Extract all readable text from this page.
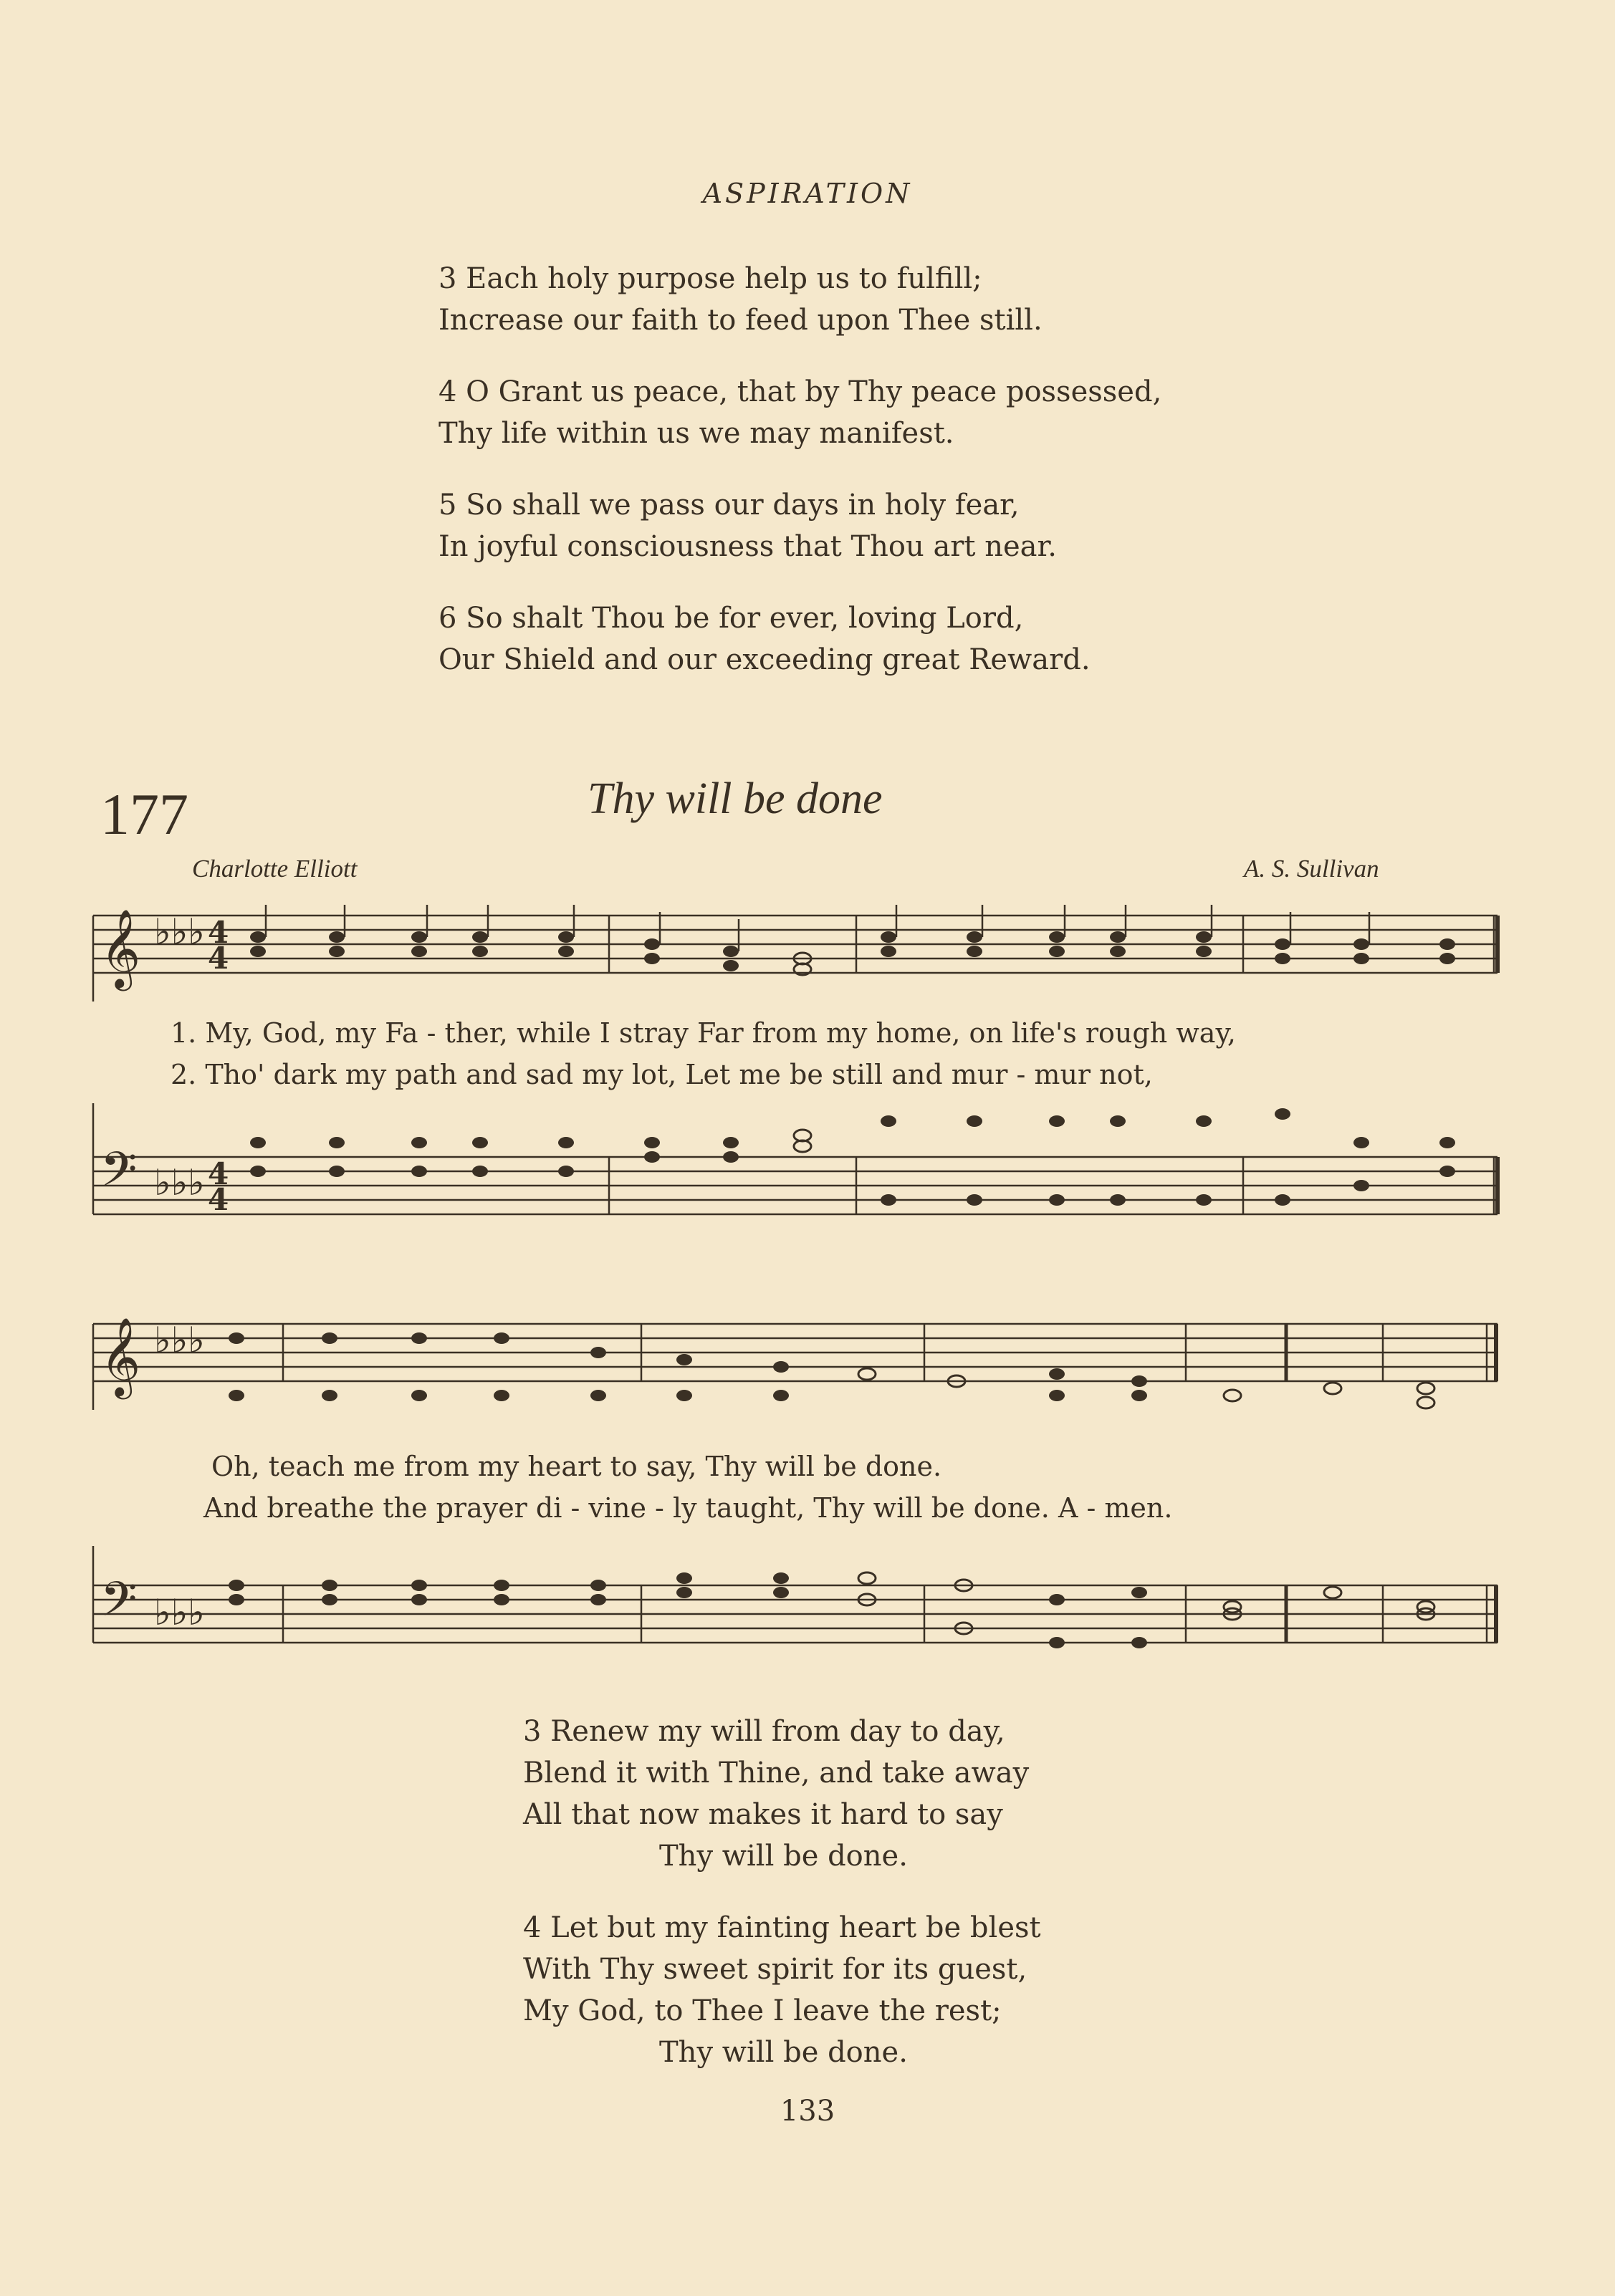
ASPIRATION

3 Each holy purpose help us to fulfill;

Increase our faith to feed upon Thee still.

4 O Grant us peace, that by Thy peace possessed,

Thy life within us we may manifest.

5 So shall we pass our days in holy fear,

In joyful consciousness that Thou art near.

6 So shalt Thou be for ever, loving Lord,

Our Shield and our exceeding great Reward.

177	Thy will be done
Charlotte Elliott	A. S. Sullivan
𝄞 ♭♭♭ 4
4
1. My, God, my Fa - ther, while I stray Far from my home, on life's rough way,
2. Tho' dark my path and sad my lot, Let me be still and mur - mur not,
𝄢 ♭♭♭ 4
4
𝄞 ♭♭♭
Oh, teach me from my heart to say, Thy will be done.
And breathe the prayer di - vine - ly taught, Thy will be done. A - men.
𝄢 ♭♭♭

3 Renew my will from day to day,

Blend it with Thine, and take away

All that now makes it hard to say

Thy will be done.

4 Let but my fainting heart be blest

With Thy sweet spirit for its guest,

My God, to Thee I leave the rest;

Thy will be done.

133
